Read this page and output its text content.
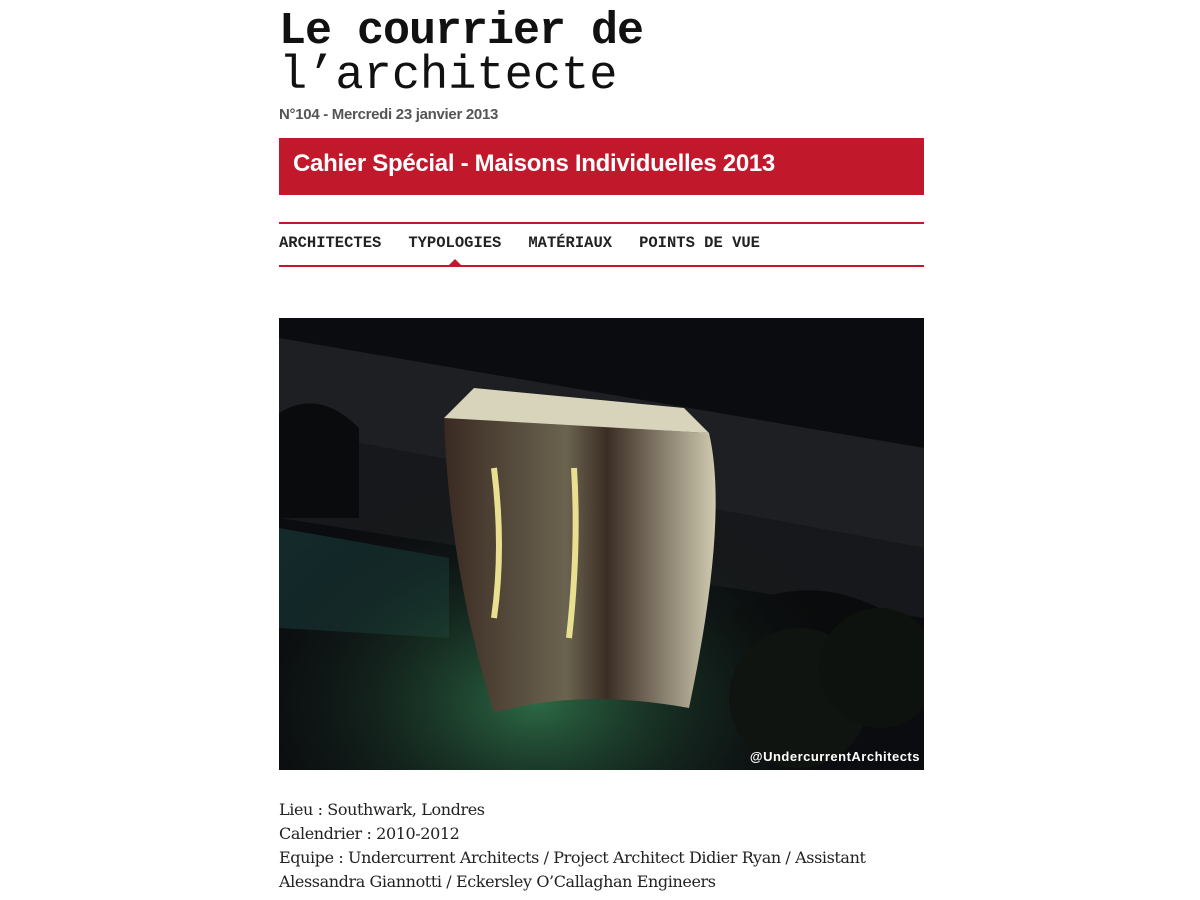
Le courrier de
l’architecte
N°104 - Mercredi 23 janvier 2013
Cahier Spécial - Maisons Individuelles 2013
ARCHITECTES TYPOLOGIES MATÉRIAUX POINTS DE VUE
@UndercurrentArchitects
Lieu : Southwark, Londres
Calendrier : 2010-2012
Equipe : Undercurrent Architects / Project Architect Didier Ryan / Assistant
Alessandra Giannotti / Eckersley O’Callaghan Engineers
